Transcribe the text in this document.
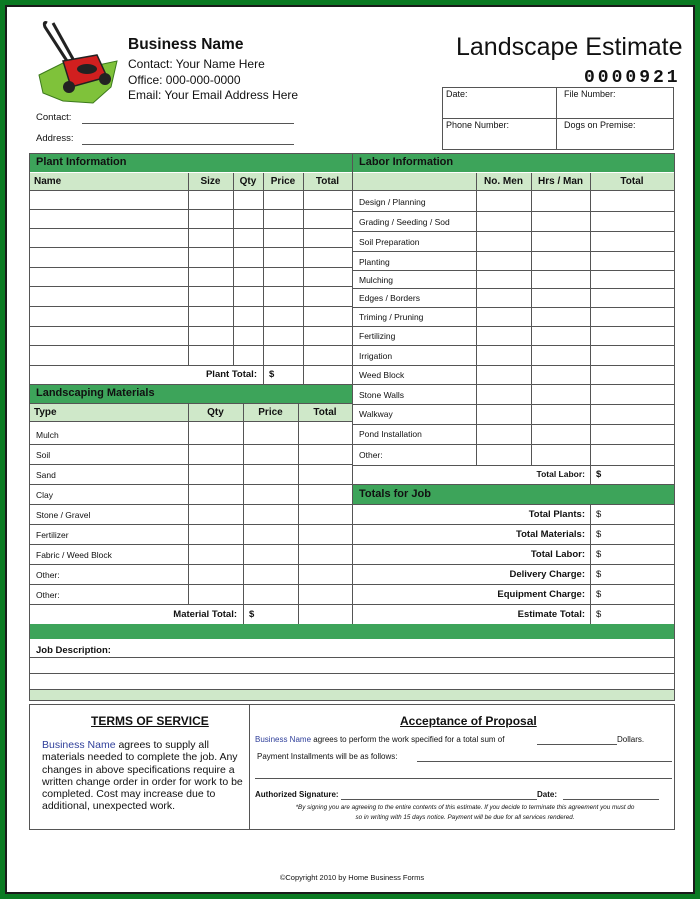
Business Name
Contact: Your Name Here
Office: 000-000-0000
Email: Your Email Address Here
Landscape Estimate
0000921
Contact:
Address:
Date:	File Number:
Phone Number:	Dogs on Premise:
Plant Information
Name	Size	Qty	Price	Total
Labor Information
No. Men	Hrs / Man	Total
Plant Total: $
Design / Planning
Grading / Seeding / Sod
Soil Preparation
Planting
Mulching
Edges / Borders
Triming / Pruning
Fertilizing
Irrigation
Weed Block
Stone Walls
Walkway
Pond Installation
Other:
Total Labor: $
Landscaping Materials
Type	Qty	Price	Total
Mulch
Soil
Sand
Clay
Stone / Gravel
Fertilizer
Fabric / Weed Block
Other:
Other:
Material Total: $
Totals for Job
Total Plants: $
Total Materials: $
Total Labor: $
Delivery Charge: $
Equipment Charge: $
Estimate Total: $
Job Description:
TERMS OF SERVICE
Business Name agrees to supply all materials needed to complete the job. Any changes in above specifications require a written change order in order for work to be completed. Cost may increase due to additional, unexpected work.
Acceptance of Proposal
Business Name agrees to perform the work specified for a total sum of	Dollars.
Payment Installments will be as follows:
Authorized Signature:	Date:
*By signing you are agreeing to the entire contents of this estimate. If you decide to terminate this agreement you must do
so in writing with 15 days notice. Payment will be due for all services rendered.
©Copyright 2010 by Home Business Forms
